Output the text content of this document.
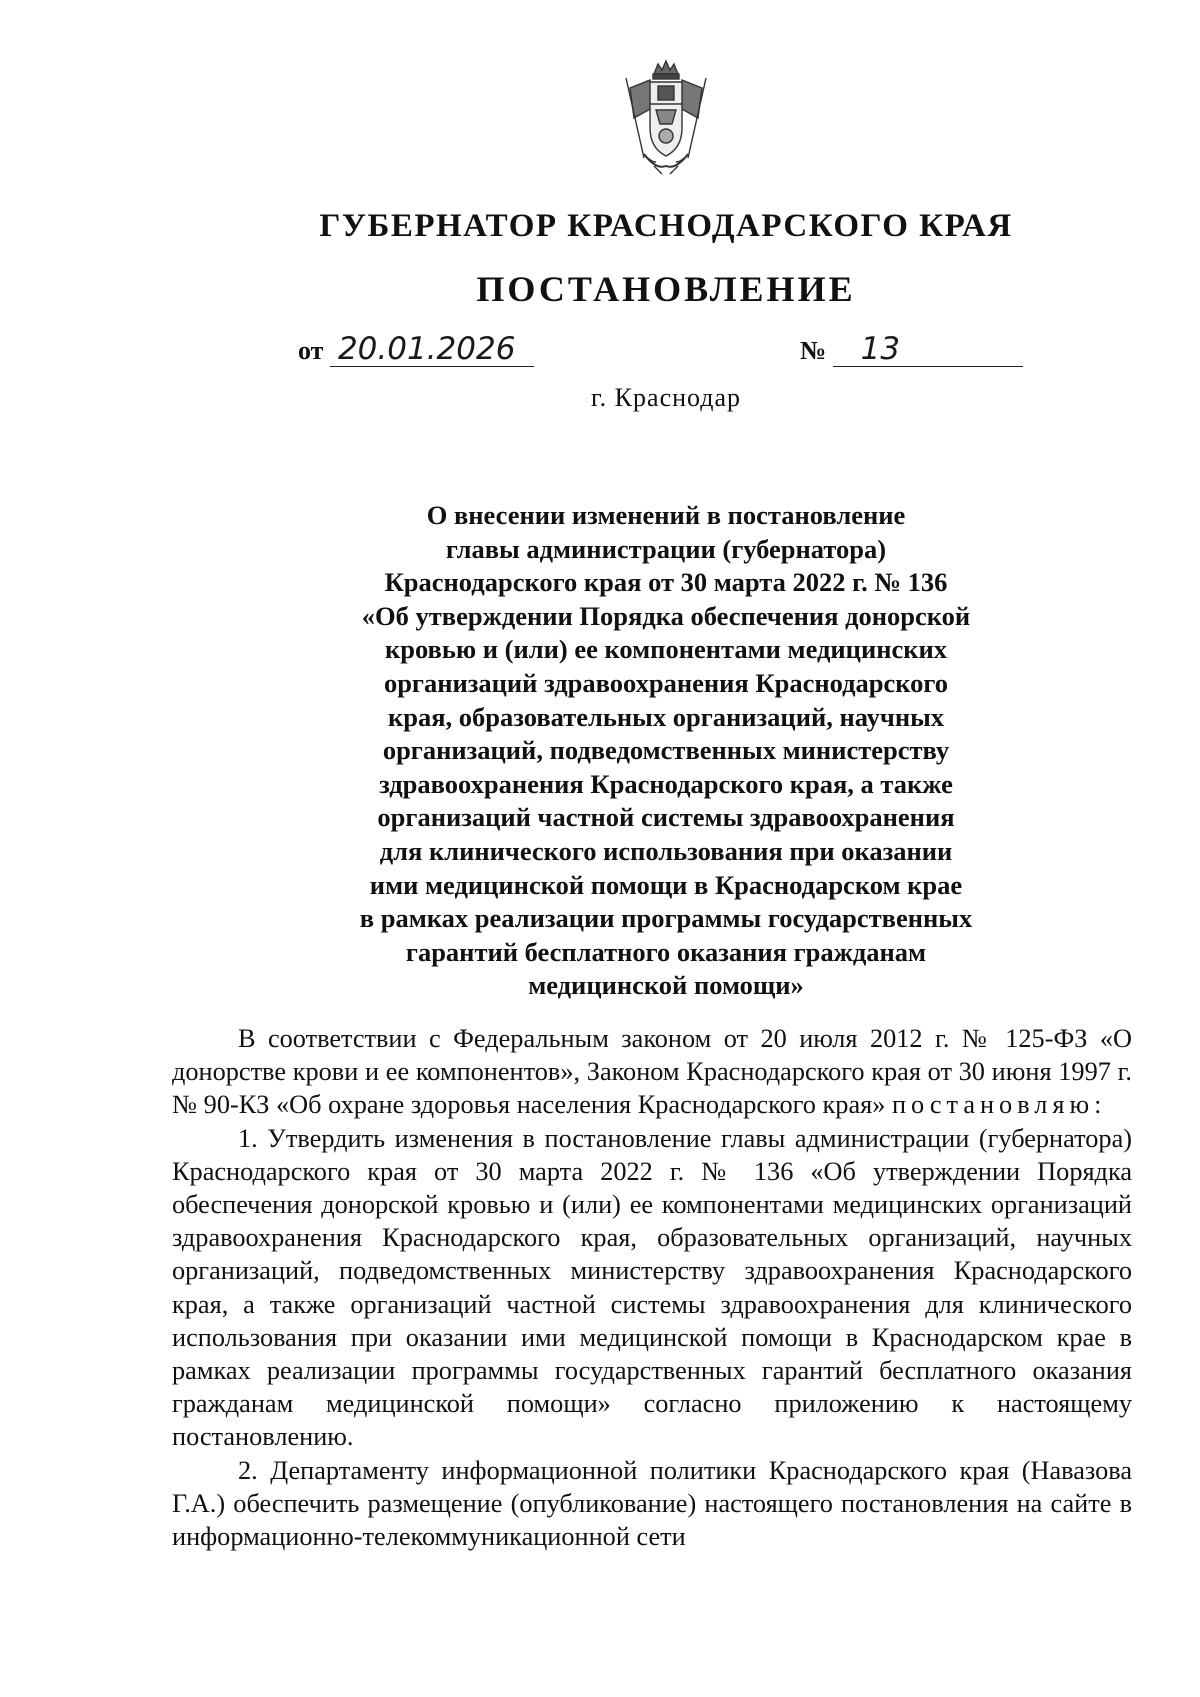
ГУБЕРНАТОР КРАСНОДАРСКОГО КРАЯ
ПОСТАНОВЛЕНИЕ
от 20.01.2026	№ 13
г. Краснодар
О внесении изменений в постановление
главы администрации (губернатора)
Краснодарского края от 30 марта 2022 г. № 136
«Об утверждении Порядка обеспечения донорской
кровью и (или) ее компонентами медицинских
организаций здравоохранения Краснодарского
края, образовательных организаций, научных
организаций, подведомственных министерству
здравоохранения Краснодарского края, а также
организаций частной системы здравоохранения
для клинического использования при оказании
ими медицинской помощи в Краснодарском крае
в рамках реализации программы государственных
гарантий бесплатного оказания гражданам
медицинской помощи»

В соответствии с Федеральным законом от 20 июля 2012 г. № 125-ФЗ «О донорстве крови и ее компонентов», Законом Краснодарского края от 30 июня 1997 г. № 90-КЗ «Об охране здоровья населения Краснодарского края» постановляю:

1. Утвердить изменения в постановление главы администрации (губернатора) Краснодарского края от 30 марта 2022 г. № 136 «Об утверждении Порядка обеспечения донорской кровью и (или) ее компонентами медицинских организаций здравоохранения Краснодарского края, образовательных организаций, научных организаций, подведомственных министерству здравоохранения Краснодарского края, а также организаций частной системы здравоохранения для клинического использования при оказании ими медицинской помощи в Краснодарском крае в рамках реализации программы государственных гарантий бесплатного оказания гражданам медицинской помощи» согласно приложению к настоящему постановлению.

2. Департаменту информационной политики Краснодарского края (Навазова Г.А.) обеспечить размещение (опубликование) настоящего постановления на сайте в информационно-телекоммуникационной сети
